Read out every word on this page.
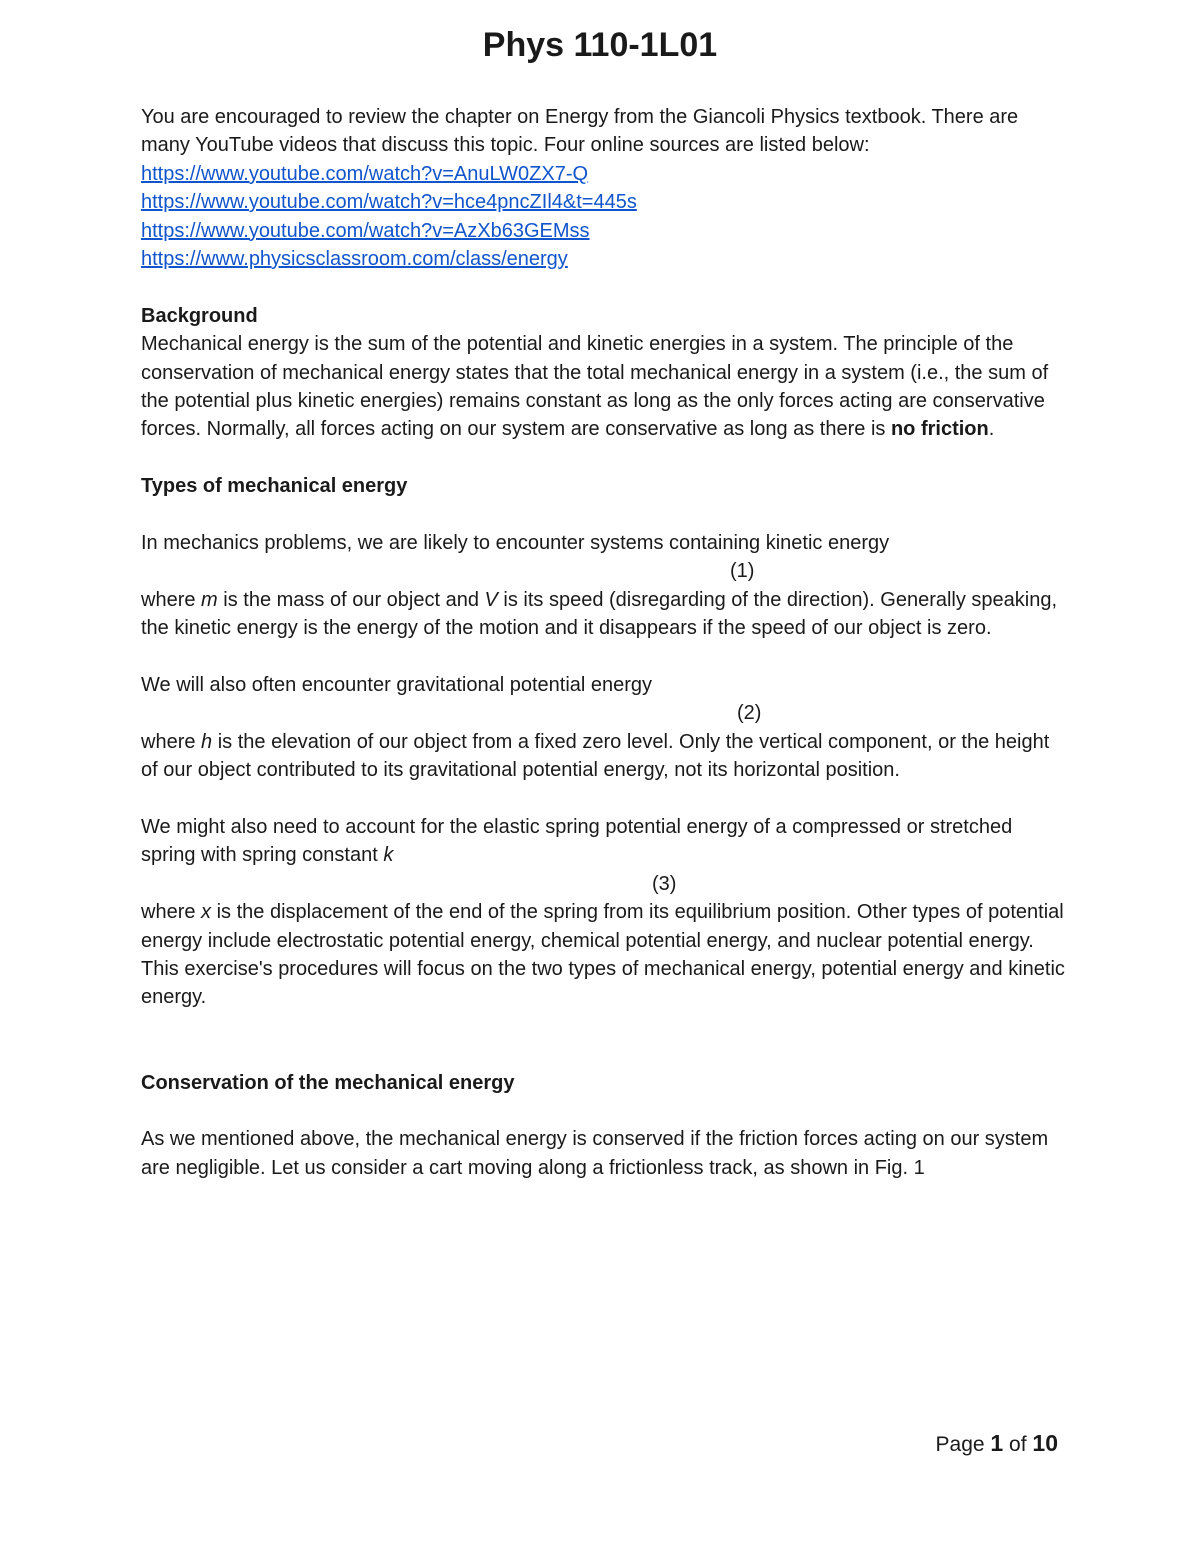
Phys 110-1L01

You are encouraged to review the chapter on Energy from the Giancoli Physics textbook. There are many YouTube videos that discuss this topic. Four online sources are listed below:

https://www.youtube.com/watch?v=AnuLW0ZX7-Q
https://www.youtube.com/watch?v=hce4pncZIl4&t=445s
https://www.youtube.com/watch?v=AzXb63GEMss
https://www.physicsclassroom.com/class/energy
Background

Mechanical energy is the sum of the potential and kinetic energies in a system. The principle of the conservation of mechanical energy states that the total mechanical energy in a system (i.e., the sum of the potential plus kinetic energies) remains constant as long as the only forces acting are conservative forces. Normally, all forces acting on our system are conservative as long as there is no friction.

Types of mechanical energy

In mechanics problems, we are likely to encounter systems containing kinetic energy

(1)

where m is the mass of our object and V is its speed (disregarding of the direction). Generally speaking, the kinetic energy is the energy of the motion and it disappears if the speed of our object is zero.

We will also often encounter gravitational potential energy

(2)

where h is the elevation of our object from a fixed zero level. Only the vertical component, or the height of our object contributed to its gravitational potential energy, not its horizontal position.

We might also need to account for the elastic spring potential energy of a compressed or stretched spring with spring constant k

(3)

where x is the displacement of the end of the spring from its equilibrium position. Other types of potential energy include electrostatic potential energy, chemical potential energy, and nuclear potential energy. This exercise's procedures will focus on the two types of mechanical energy, potential energy and kinetic energy.

Conservation of the mechanical energy

As we mentioned above, the mechanical energy is conserved if the friction forces acting on our system are negligible. Let us consider a cart moving along a frictionless track, as shown in Fig. 1

Page 1 of 10
